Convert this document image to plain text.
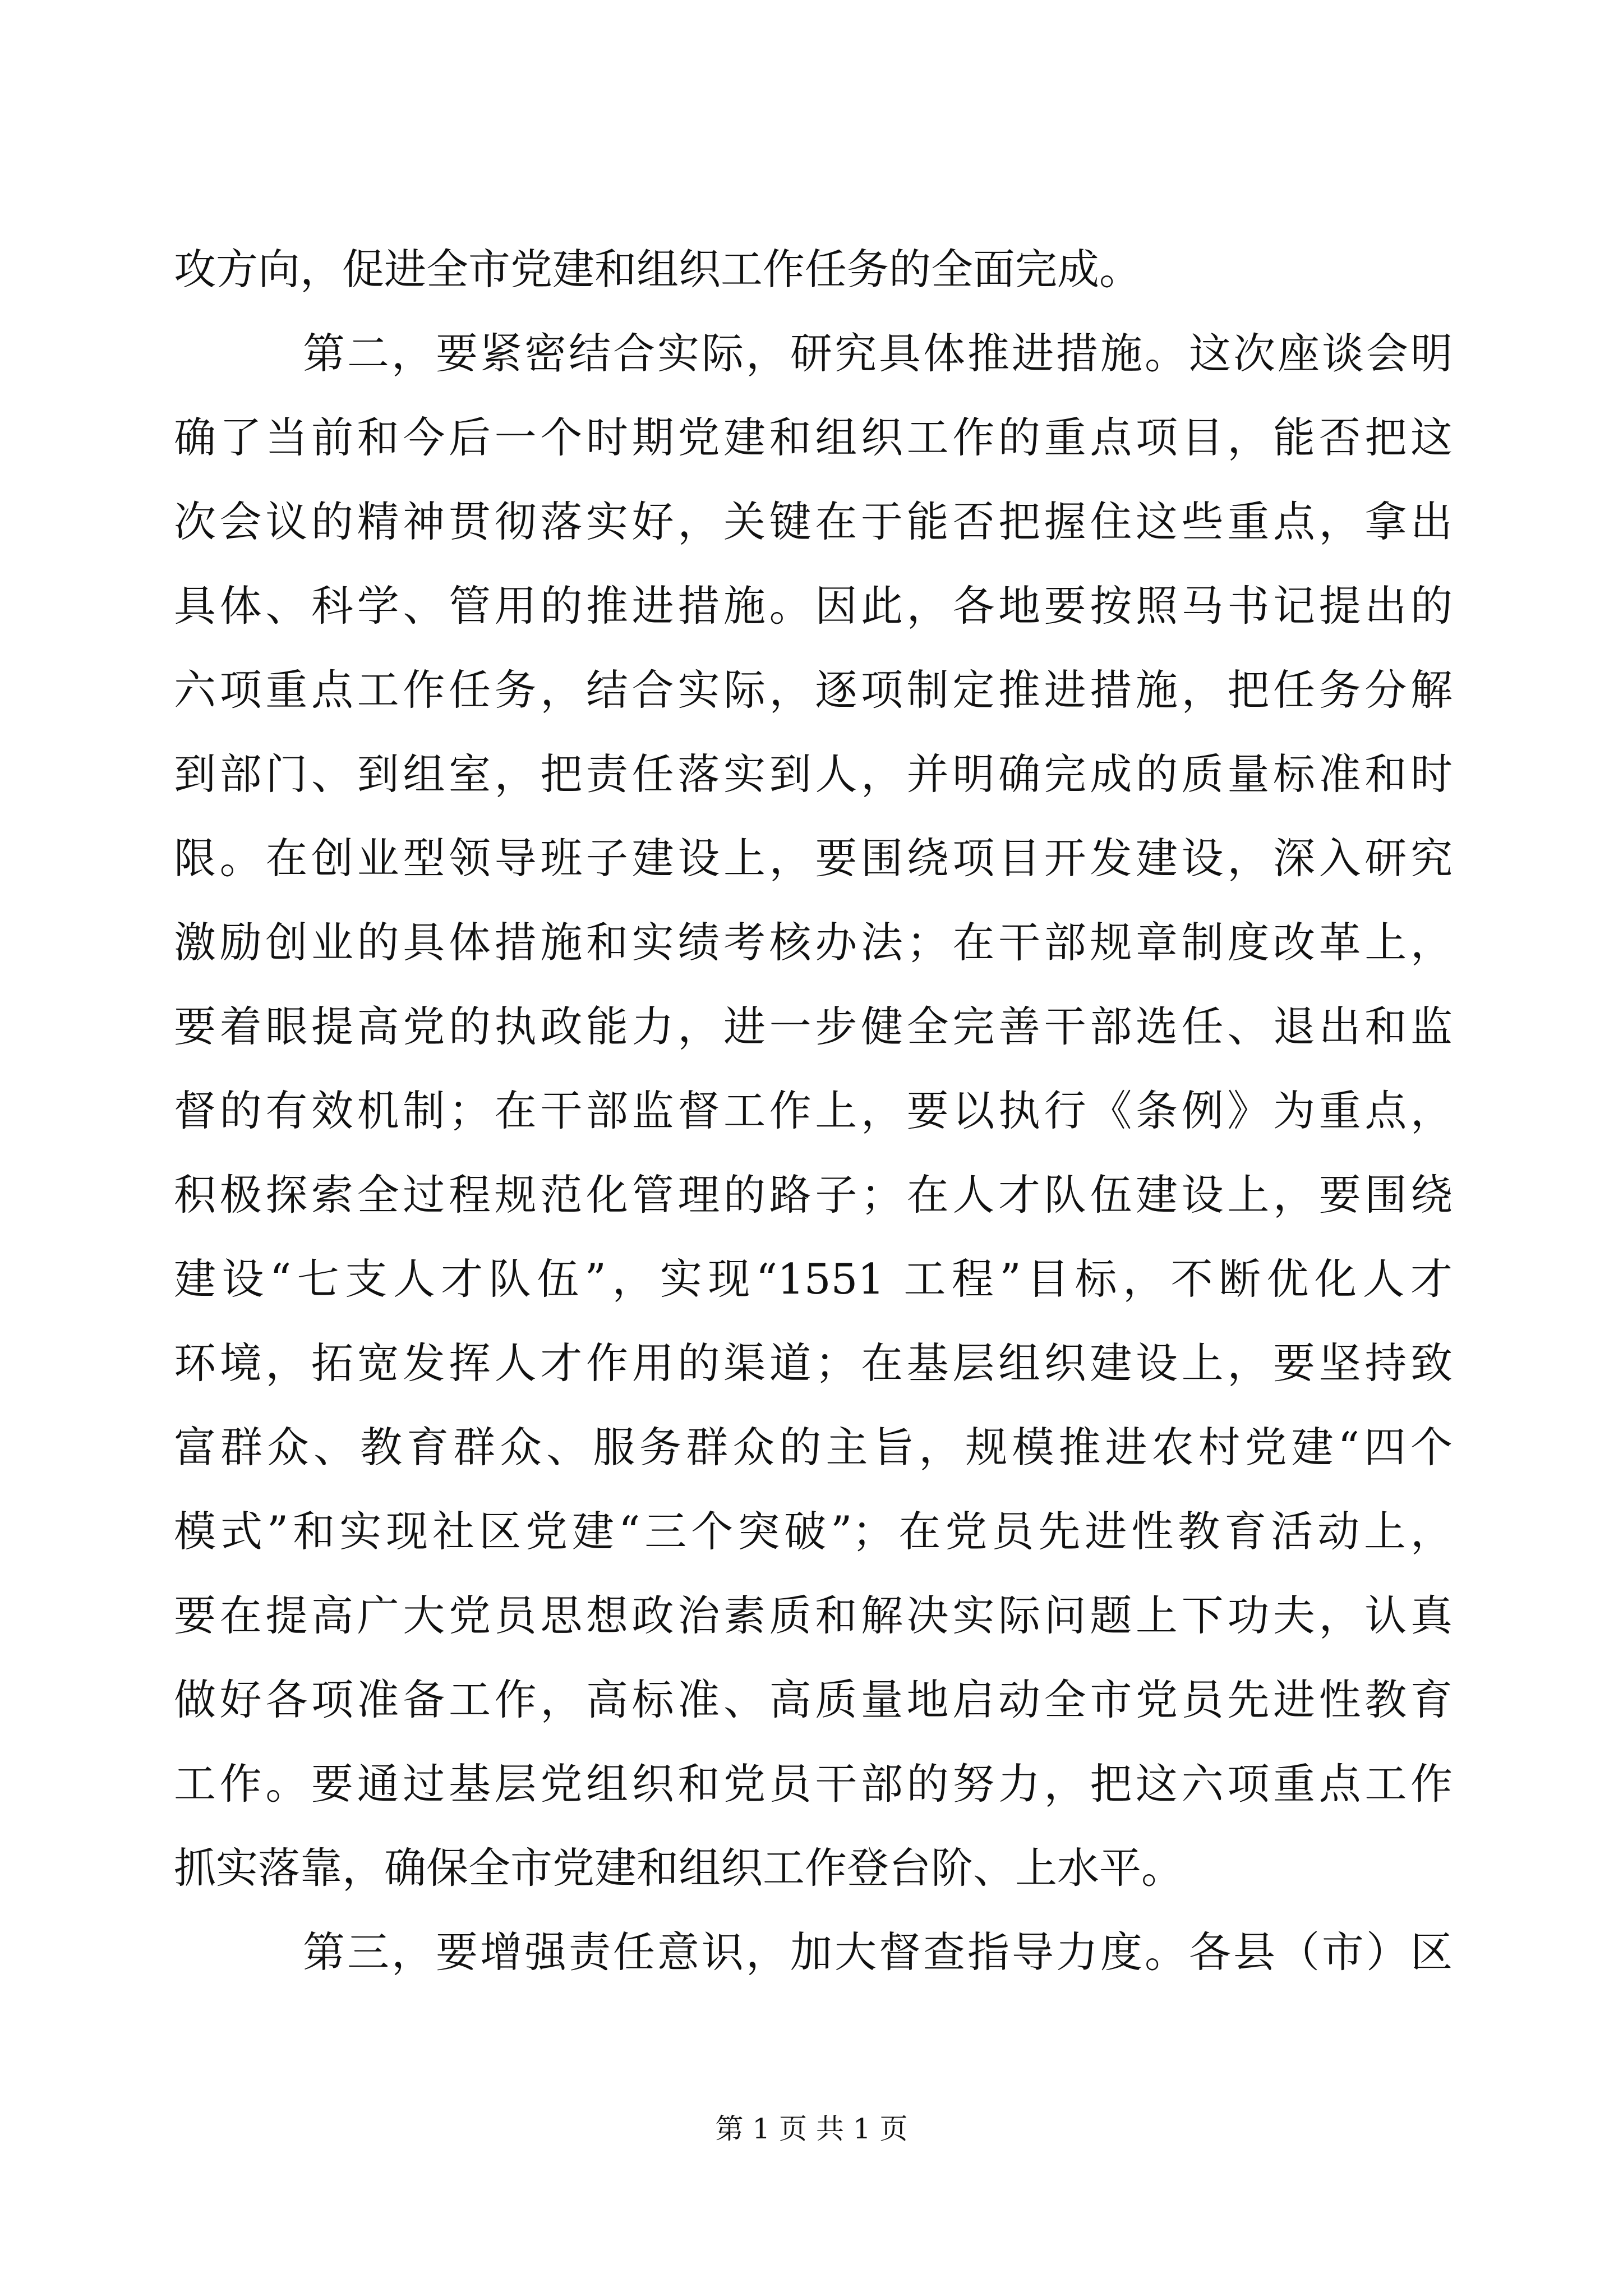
攻方向，促进全市党建和组织工作任务的全面完成。
第二，要紧密结合实际，研究具体推进措施。这次座谈会明
确了当前和今后一个时期党建和组织工作的重点项目，能否把这
次会议的精神贯彻落实好，关键在于能否把握住这些重点，拿出
具体、科学、管用的推进措施。因此，各地要按照马书记提出的
六项重点工作任务，结合实际，逐项制定推进措施，把任务分解
到部门、到组室，把责任落实到人，并明确完成的质量标准和时
限。在创业型领导班子建设上，要围绕项目开发建设，深入研究
激励创业的具体措施和实绩考核办法；在干部规章制度改革上，
要着眼提高党的执政能力，进一步健全完善干部选任、退出和监
督的有效机制；在干部监督工作上，要以执行《条例》为重点，
积极探索全过程规范化管理的路子；在人才队伍建设上，要围绕
建设“七支人才队伍”，实现“1551 工程”目标，不断优化人才
环境，拓宽发挥人才作用的渠道；在基层组织建设上，要坚持致
富群众、教育群众、服务群众的主旨，规模推进农村党建“四个
模式”和实现社区党建“三个突破”；在党员先进性教育活动上，
要在提高广大党员思想政治素质和解决实际问题上下功夫，认真
做好各项准备工作，高标准、高质量地启动全市党员先进性教育
工作。要通过基层党组织和党员干部的努力，把这六项重点工作
抓实落靠，确保全市党建和组织工作登台阶、上水平。
第三，要增强责任意识，加大督查指导力度。各县（市）区
第 1 页 共 1 页
